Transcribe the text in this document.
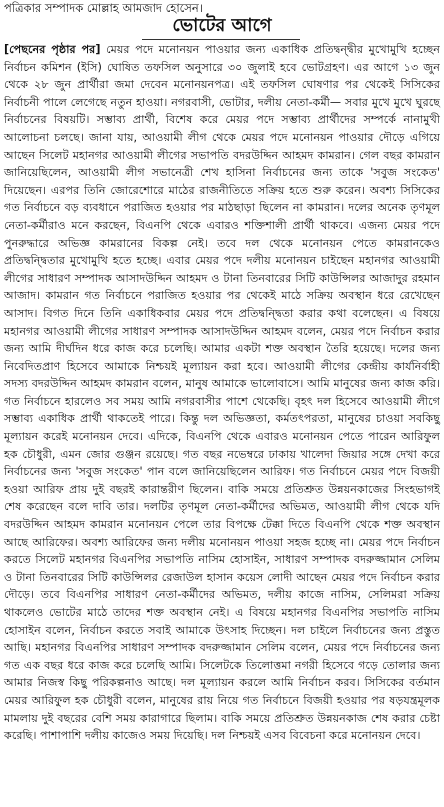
পত্রিকার সম্পাদক মোল্লাহ আমজাদ হোসেন।
ভোটের আগে
[পেছনের পৃষ্ঠার পর] মেয়র পদে মনোনয়ন পাওয়ার জন্য একাধিক প্রতিদ্বন্দ্বীর মুখোমুখি হচ্ছেন নির্বাচন কমিশন (ইসি) ঘোষিত তফসিল অনুসারে ৩০ জুলাই হবে ভোটগ্রহণ। এর আগে ১৩ জুন থেকে ২৮ জুন প্রার্থীরা জমা দেবেন মনোনয়নপত্র। এই তফসিল ঘোষণার পর থেকেই সিসিকের নির্বাচনী পালে লেগেছে নতুন হাওয়া। নগরবাসী, ভোটার, দলীয় নেতা-কর্মী— সবার মুখে মুখে ঘুরছে নির্বাচনের বিষয়টি। সম্ভাব্য প্রার্থী, বিশেষ করে মেয়র পদে সম্ভাব্য প্রার্থীদের সম্পর্কে নানামুখী আলোচনা চলছে। জানা যায়, আওয়ামী লীগ থেকে মেয়র পদে মনোনয়ন পাওয়ার দৌড়ে এগিয়ে আছেন সিলেট মহানগর আওয়ামী লীগের সভাপতি বদরউদ্দিন আহমদ কামরান। গেল বছর কামরান জানিয়েছিলেন, আওয়ামী লীগ সভানেত্রী শেখ হাসিনা নির্বাচনের জন্য তাকে 'সবুজ সংকেত' দিয়েছেন। এরপর তিনি জোরেশোরে মাঠের রাজনীতিতে সক্রিয় হতে শুরু করেন। অবশ্য সিসিকের গত নির্বাচনে বড় ব্যবধানে পরাজিত হওয়ার পর মাঠছাড়া ছিলেন না কামরান। দলের অনেক তৃণমূল নেতা-কর্মীরাও মনে করছেন, বিএনপি থেকে এবারও শক্তিশালী প্রার্থী থাকবে। এজন্য মেয়র পদে পুনরুদ্ধারে অভিজ্ঞ কামরানের বিকল্প নেই। তবে দল থেকে মনোনয়ন পেতে কামরানকেও প্রতিদ্বন্দ্বিতার মুখোমুখি হতে হচ্ছে। এবার মেয়র পদে দলীয় মনোনয়ন চাইছেন মহানগর আওয়ামী লীগের সাধারণ সম্পাদক আসাদউদ্দিন আহমদ ও টানা তিনবারের সিটি কাউন্সিলর আজাদুর রহমান আজাদ। কামরান গত নির্বাচনে পরাজিত হওয়ার পর থেকেই মাঠে সক্রিয় অবস্থান ধরে রেখেছেন আসাদ। বিগত দিনে তিনি একাধিকবার মেয়র পদে প্রতিদ্বন্দ্বিতা করার কথা বলেছেন। এ বিষয়ে মহানগর আওয়ামী লীগের সাধারণ সম্পাদক আসাদউদ্দিন আহমদ বলেন, মেয়র পদে নির্বাচন করার জন্য আমি দীর্ঘদিন ধরে কাজ করে চলেছি। আমার একটা শক্ত অবস্থান তৈরি হয়েছে। দলের জন্য নিবেদিতপ্রাণ হিসেবে আমাকে নিশ্চয়ই মূল্যায়ন করা হবে। আওয়ামী লীগের কেন্দ্রীয় কার্যনির্বাহী সদস্য বদরউদ্দিন আহমদ কামরান বলেন, মানুষ আমাকে ভালোবাসে। আমি মানুষের জন্য কাজ করি। গত নির্বাচনে হারলেও সব সময় আমি নগরবাসীর পাশে থেকেছি। বৃহৎ দল হিসেবে আওয়ামী লীগে সম্ভাব্য একাধিক প্রার্থী থাকতেই পারে। কিন্তু দল অভিজ্ঞতা, কর্মতৎপরতা, মানুষের চাওয়া সবকিছু মূল্যায়ন করেই মনোনয়ন দেবে। এদিকে, বিএনপি থেকে এবারও মনোনয়ন পেতে পারেন আরিফুল হক চৌধুরী, এমন জোর গুঞ্জন রয়েছে। গত বছর নভেম্বরে ঢাকায় খালেদা জিয়ার সঙ্গে দেখা করে নির্বাচনের জন্য 'সবুজ সংকেত' পান বলে জানিয়েছিলেন আরিফ। গত নির্বাচনে মেয়র পদে বিজয়ী হওয়া আরিফ প্রায় দুই বছরই কারান্তরীণ ছিলেন। বাকি সময়ে প্রতিশ্রুত উন্নয়নকাজের সিংহভাগই শেষ করেছেন বলে দাবি তার। দলটির তৃণমূল নেতা-কর্মীদের অভিমত, আওয়ামী লীগ থেকে যদি বদরউদ্দিন আহমদ কামরান মনোনয়ন পেলে তার বিপক্ষে টেক্কা দিতে বিএনপি থেকে শক্ত অবস্থান আছে আরিফের। অবশ্য আরিফের জন্য দলীয় মনোনয়ন পাওয়া সহজ হচ্ছে না। মেয়র পদে নির্বাচন করতে সিলেট মহানগর বিএনপির সভাপতি নাসিম হোসাইন, সাধারণ সম্পাদক বদরুজ্জামান সেলিম ও টানা তিনবারের সিটি কাউন্সিলর রেজাউল হাসান কয়েস লোদী আছেন মেয়র পদে নির্বাচন করার দৌড়ে। তবে বিএনপির সাধারণ নেতা-কর্মীদের অভিমত, দলীয় কাজে নাসিম, সেলিমরা সক্রিয় থাকলেও ভোটের মাঠে তাদের শক্ত অবস্থান নেই। এ বিষয়ে মহানগর বিএনপির সভাপতি নাসিম হোসাইন বলেন, নির্বাচন করতে সবাই আমাকে উৎসাহ দিচ্ছেন। দল চাইলে নির্বাচনের জন্য প্রস্তুত আছি। মহানগর বিএনপির সাধারণ সম্পাদক বদরুজ্জামান সেলিম বলেন, মেয়র পদে নির্বাচনের জন্য গত এক বছর ধরে কাজ করে চলেছি আমি। সিলেটকে তিলোত্তমা নগরী হিসেবে গড়ে তোলার জন্য আমার নিজস্ব কিছু পরিকল্পনাও আছে। দল মূল্যায়ন করলে আমি নির্বাচন করব। সিসিকের বর্তমান মেয়র আরিফুল হক চৌধুরী বলেন, মানুষের রায় নিয়ে গত নির্বাচনে বিজয়ী হওয়ার পর ষড়যন্ত্রমূলক মামলায় দুই বছরের বেশি সময় কারাগারে ছিলাম। বাকি সময়ে প্রতিশ্রুত উন্নয়নকাজ শেষ করার চেষ্টা করেছি। পাশাপাশি দলীয় কাজেও সময় দিয়েছি। দল নিশ্চয়ই এসব বিবেচনা করে মনোনয়ন দেবে।
